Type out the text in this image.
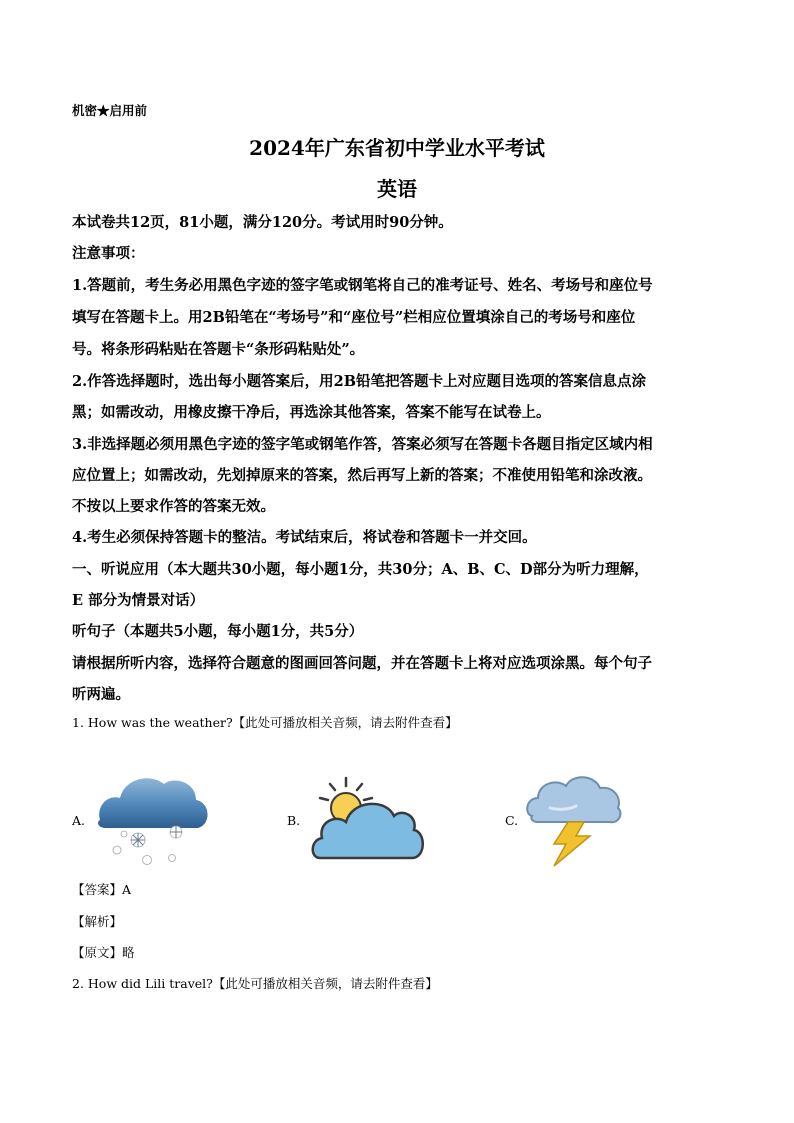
机密★启用前
2024年广东省初中学业水平考试
英语
本试卷共12页，81小题，满分120分。考试用时90分钟。
注意事项：
1.答题前，考生务必用黑色字迹的签字笔或钢笔将自己的准考证号、姓名、考场号和座位号
填写在答题卡上。用2B铅笔在“考场号”和“座位号”栏相应位置填涂自己的考场号和座位
号。将条形码粘贴在答题卡“条形码粘贴处”。
2.作答选择题时，选出每小题答案后，用2B铅笔把答题卡上对应题目选项的答案信息点涂
黑；如需改动，用橡皮擦干净后，再选涂其他答案，答案不能写在试卷上。
3.非选择题必须用黑色字迹的签字笔或钢笔作答，答案必须写在答题卡各题目指定区域内相
应位置上；如需改动，先划掉原来的答案，然后再写上新的答案；不准使用铅笔和涂改液。
不按以上要求作答的答案无效。
4.考生必须保持答题卡的整洁。考试结束后，将试卷和答题卡一并交回。
一、听说应用（本大题共30小题，每小题1分，共30分；A、B、C、D部分为听力理解，
E 部分为情景对话）
听句子（本题共5小题，每小题1分，共5分）
请根据所听内容，选择符合题意的图画回答问题，并在答题卡上将对应选项涂黑。每个句子
听两遍。
1. How was the weather?【此处可播放相关音频，请去附件查看】
A.	B.	C.
【答案】A
【解析】
【原文】略
2. How did Lili travel?【此处可播放相关音频，请去附件查看】
